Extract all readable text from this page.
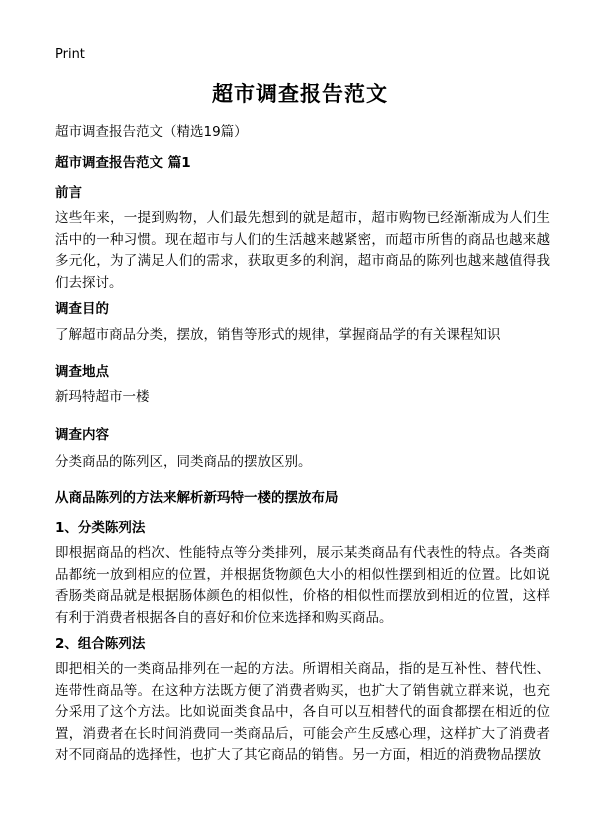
Print
超市调查报告范文
超市调查报告范文（精选19篇）
超市调查报告范文 篇1
前言
这些年来，一提到购物，人们最先想到的就是超市，超市购物已经渐渐成为人们生活中的一种习惯。现在超市与人们的生活越来越紧密，而超市所售的商品也越来越多元化，为了满足人们的需求，获取更多的利润，超市商品的陈列也越来越值得我们去探讨。
调查目的
了解超市商品分类，摆放，销售等形式的规律，掌握商品学的有关课程知识
调查地点
新玛特超市一楼
调查内容
分类商品的陈列区，同类商品的摆放区别。
从商品陈列的方法来解析新玛特一楼的摆放布局
1、分类陈列法
即根据商品的档次、性能特点等分类排列，展示某类商品有代表性的特点。各类商品都统一放到相应的位置，并根据货物颜色大小的相似性摆到相近的位置。比如说香肠类商品就是根据肠体颜色的相似性，价格的相似性而摆放到相近的位置，这样有利于消费者根据各自的喜好和价位来选择和购买商品。
2、组合陈列法
即把相关的一类商品排列在一起的方法。所谓相关商品，指的是互补性、替代性、连带性商品等。在这种方法既方便了消费者购买，也扩大了销售就立群来说，也充分采用了这个方法。比如说面类食品中，各自可以互相替代的面食都摆在相近的位置，消费者在长时间消费同一类商品后，可能会产生反感心理，这样扩大了消费者对不同商品的选择性，也扩大了其它商品的销售。另一方面，相近的消费物品摆放
